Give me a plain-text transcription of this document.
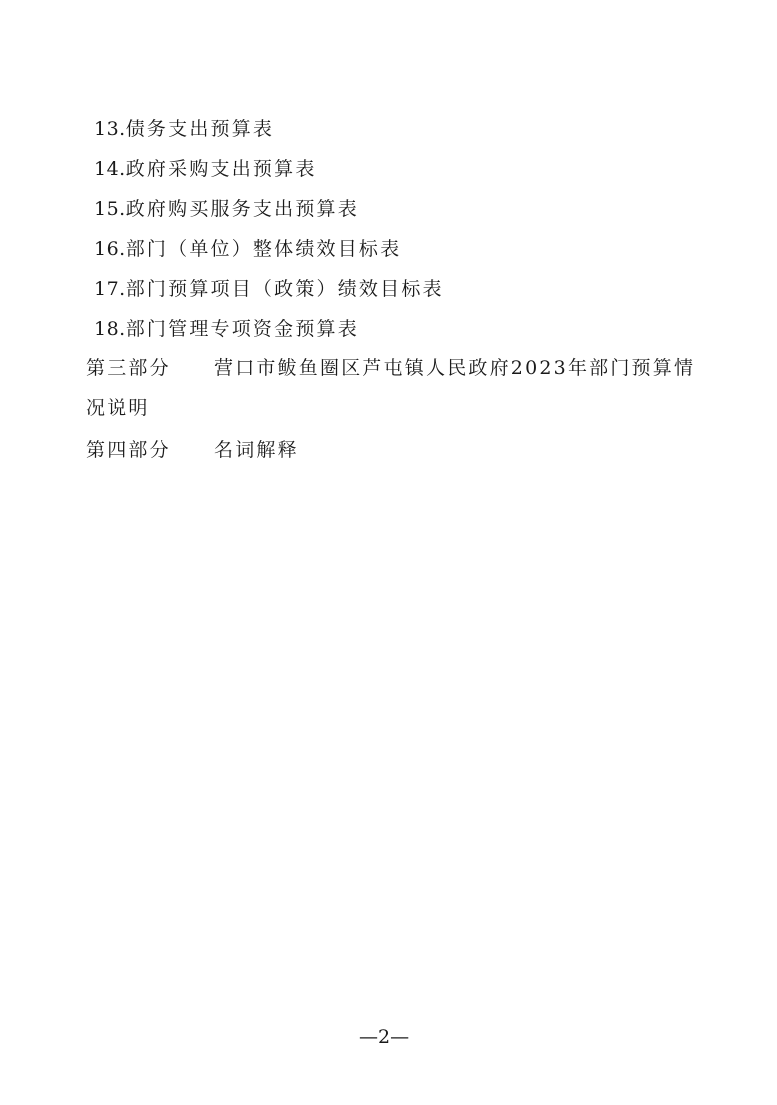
13.债务支出预算表
14.政府采购支出预算表
15.政府购买服务支出预算表
16.部门（单位）整体绩效目标表
17.部门预算项目（政策）绩效目标表
18.部门管理专项资金预算表
第三部分 营口市鲅鱼圈区芦屯镇人民政府2023年部门预算情
况说明
第四部分 名词解释
—2—
